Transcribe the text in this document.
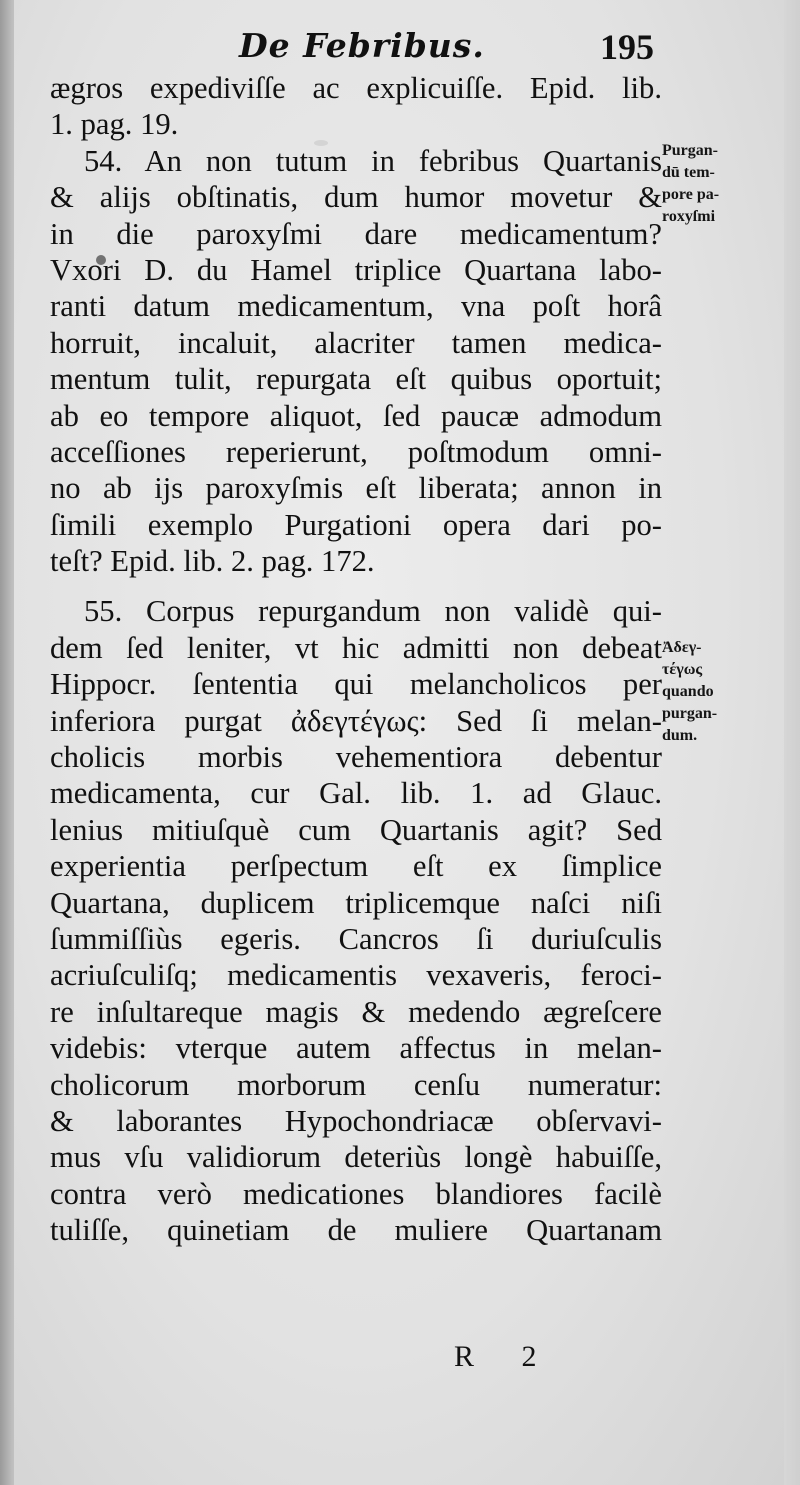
De Febribus.	195
ægros expediviſſe ac explicuiſſe. Epid. lib.
1. pag. 19.
54. An non tutum in febribus Quartanis
& alijs obſtinatis, dum humor movetur &
in die paroxyſmi dare medicamentum?
Vxori D. du Hamel triplice Quartana labo-
ranti datum medicamentum, vna poſt horâ
horruit, incaluit, alacriter tamen medica-
mentum tulit, repurgata eſt quibus oportuit;
ab eo tempore aliquot, ſed paucæ admodum
acceſſiones reperierunt, poſtmodum omni-
no ab ijs paroxyſmis eſt liberata; annon in
ſimili exemplo Purgationi opera dari po-
teſt? Epid. lib. 2. pag. 172.
55. Corpus repurgandum non validè qui-
dem ſed leniter, vt hic admitti non debeat
Hippocr. ſententia qui melancholicos per
inferiora purgat ἀδεγτέγως: Sed ſi melan-
cholicis morbis vehementiora debentur
medicamenta, cur Gal. lib. 1. ad Glauc.
lenius mitiuſquè cum Quartanis agit? Sed
experientia perſpectum eſt ex ſimplice
Quartana, duplicem triplicemque naſci niſi
ſummiſſiùs egeris. Cancros ſi duriuſculis
acriuſculiſq; medicamentis vexaveris, feroci-
re inſultareque magis & medendo ægreſcere
videbis: vterque autem affectus in melan-
cholicorum morborum cenſu numeratur:
& laborantes Hypochondriacæ obſervavi-
mus vſu validiorum deteriùs longè habuiſſe,
contra verò medicationes blandiores facilè
tuliſſe, quinetiam de muliere Quartanam
Purgan-
dū tem-
pore pa-
roxyſmi
Ἀδεγ-
τέγως
quando
purgan-
dum.
R 2
